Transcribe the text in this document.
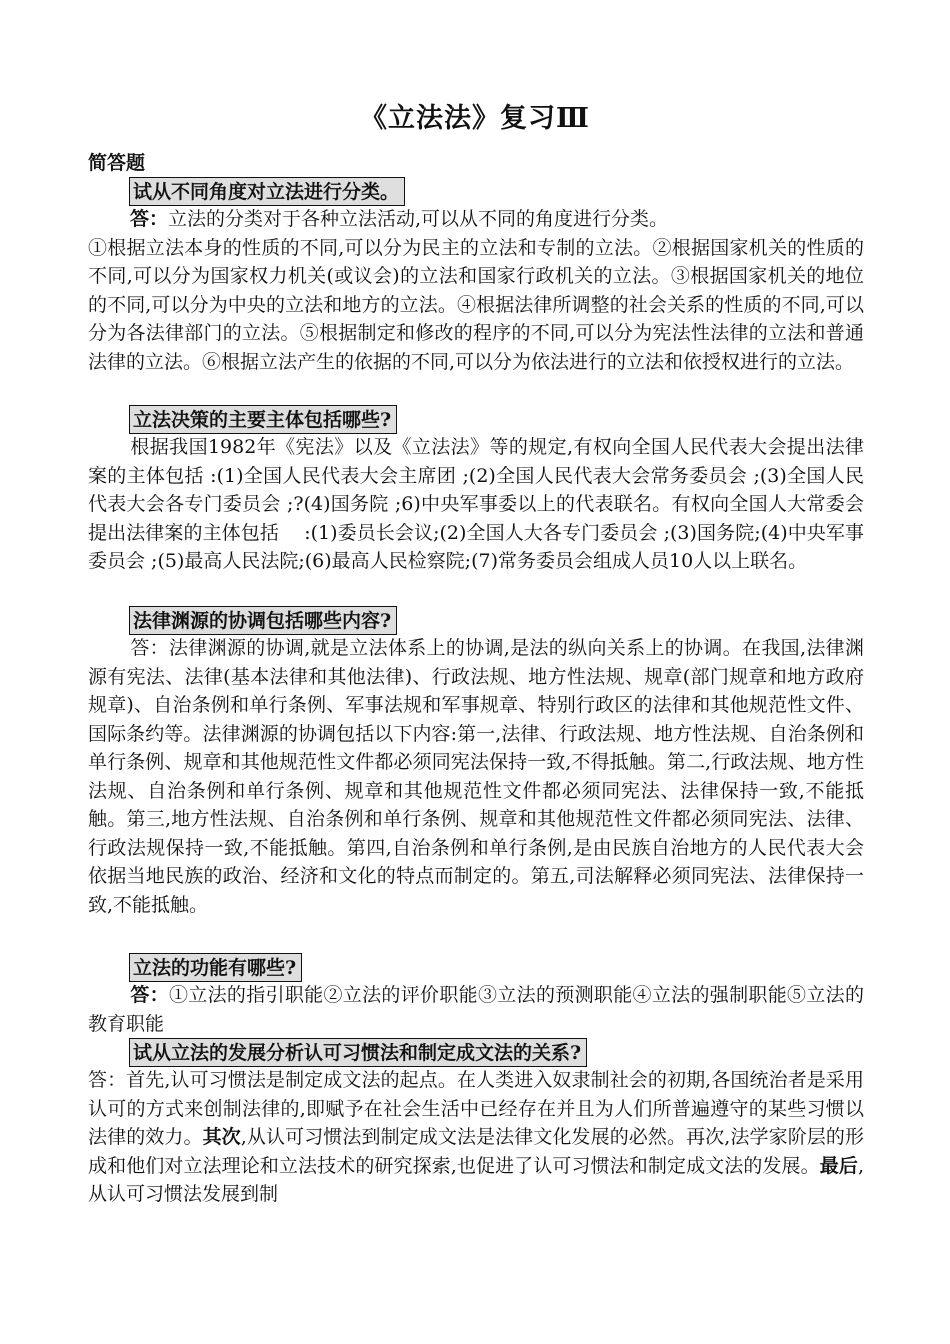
《立法法》复习Ⅲ
简答题
试从不同角度对立法进行分类。
答：立法的分类对于各种立法活动,可以从不同的角度进行分类。
①根据立法本身的性质的不同,可以分为民主的立法和专制的立法。②根据国家机关的性质的不同,可以分为国家权力机关(或议会)的立法和国家行政机关的立法。③根据国家机关的地位的不同,可以分为中央的立法和地方的立法。④根据法律所调整的社会关系的性质的不同,可以分为各法律部门的立法。⑤根据制定和修改的程序的不同,可以分为宪法性法律的立法和普通法律的立法。⑥根据立法产生的依据的不同,可以分为依法进行的立法和依授权进行的立法。
立法决策的主要主体包括哪些?
根据我国1982年《宪法》以及《立法法》等的规定,有权向全国人民代表大会提出法律案的主体包括 :(1)全国人民代表大会主席团 ;(2)全国人民代表大会常务委员会 ;(3)全国人民代表大会各专门委员会 ;?(4)国务院 ;6)中央军事委以上的代表联名。有权向全国人大常委会提出法律案的主体包括　 :(1)委员长会议;(2)全国人大各专门委员会 ;(3)国务院;(4)中央军事委员会 ;(5)最高人民法院;(6)最高人民检察院;(7)常务委员会组成人员10人以上联名。
法律渊源的协调包括哪些内容?
答：法律渊源的协调,就是立法体系上的协调,是法的纵向关系上的协调。在我国,法律渊源有宪法、法律(基本法律和其他法律)、行政法规、地方性法规、规章(部门规章和地方政府规章)、自治条例和单行条例、军事法规和军事规章、特别行政区的法律和其他规范性文件、国际条约等。法律渊源的协调包括以下内容:第一,法律、行政法规、地方性法规、自治条例和单行条例、规章和其他规范性文件都必须同宪法保持一致,不得抵触。第二,行政法规、地方性法规、自治条例和单行条例、规章和其他规范性文件都必须同宪法、法律保持一致,不能抵触。第三,地方性法规、自治条例和单行条例、规章和其他规范性文件都必须同宪法、法律、行政法规保持一致,不能抵触。第四,自治条例和单行条例,是由民族自治地方的人民代表大会依据当地民族的政治、经济和文化的特点而制定的。第五,司法解释必须同宪法、法律保持一致,不能抵触。
立法的功能有哪些?
答：①立法的指引职能②立法的评价职能③立法的预测职能④立法的强制职能⑤立法的教育职能
试从立法的发展分析认可习惯法和制定成文法的关系?
答：首先,认可习惯法是制定成文法的起点。在人类进入奴隶制社会的初期,各国统治者是采用认可的方式来创制法律的,即赋予在社会生活中已经存在并且为人们所普遍遵守的某些习惯以法律的效力。其次,从认可习惯法到制定成文法是法律文化发展的必然。再次,法学家阶层的形成和他们对立法理论和立法技术的研究探索,也促进了认可习惯法和制定成文法的发展。最后,从认可习惯法发展到制
